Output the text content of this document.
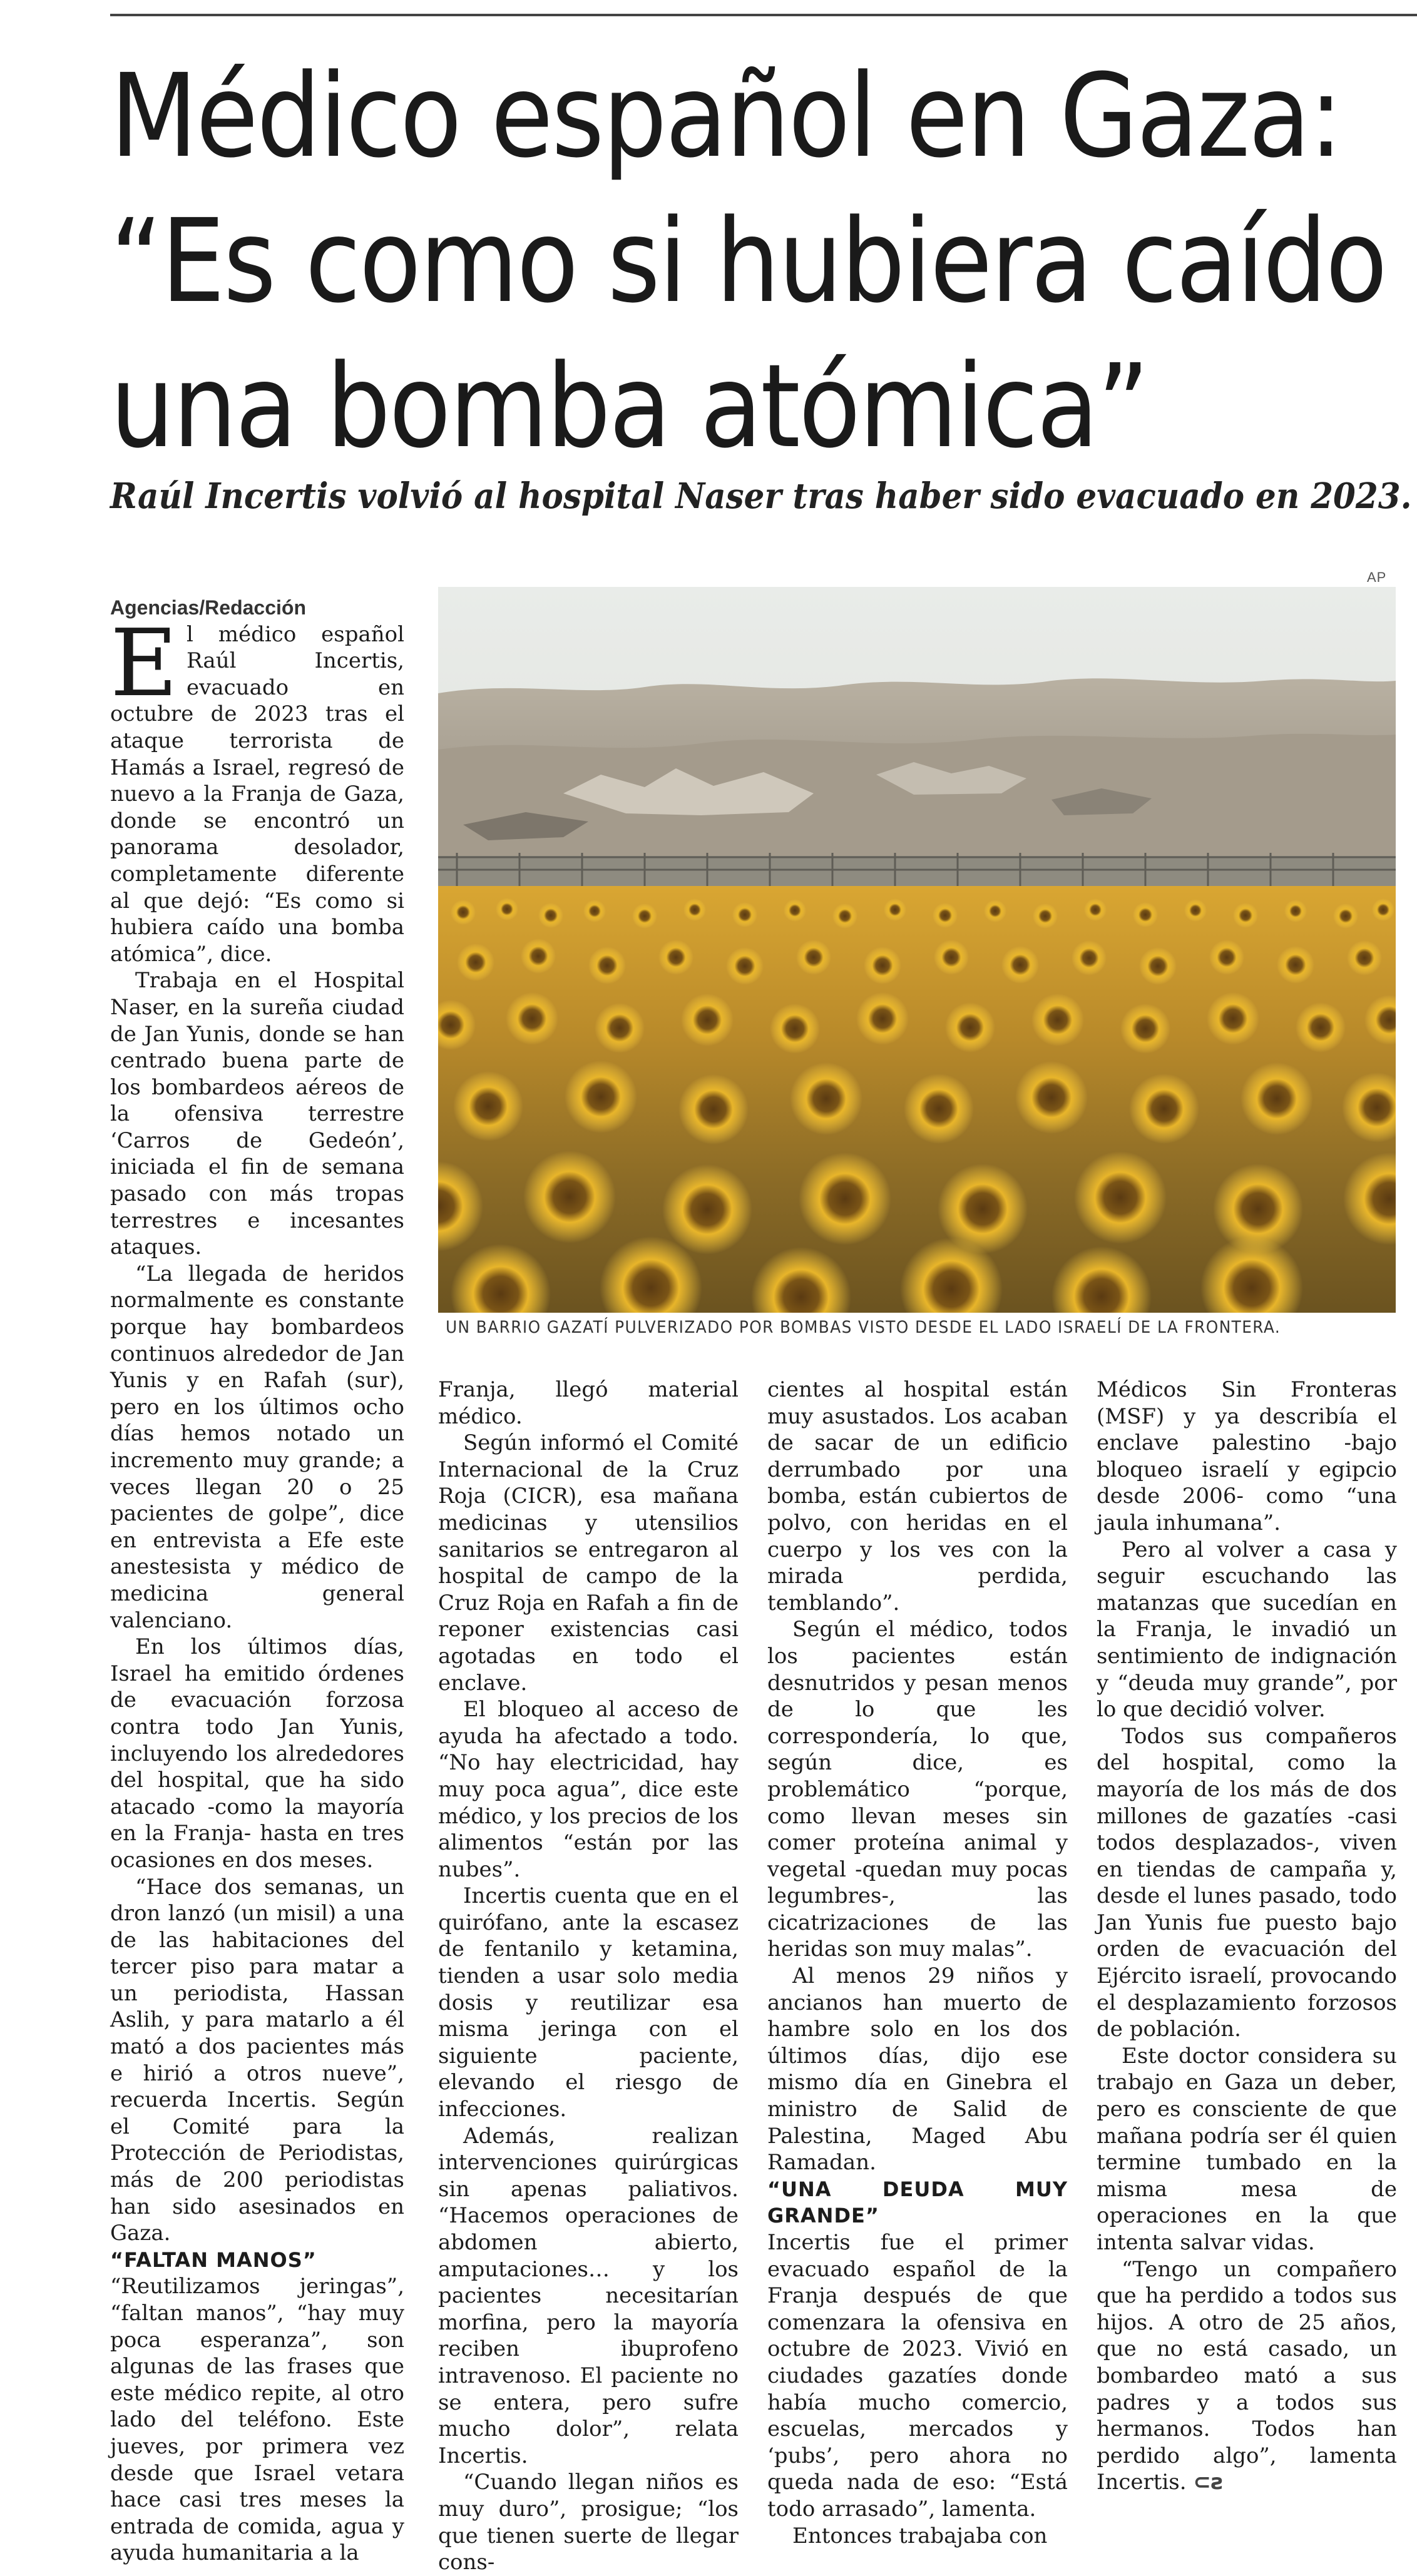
Médico español en Gaza:
“Es como si hubiera caído
una bomba atómica”

Raúl Incertis volvió al hospital Naser tras haber sido evacuado en 2023.

AP
UN BARRIO GAZATÍ PULVERIZADO POR BOMBAS VISTO DESDE EL LADO ISRAELÍ DE LA FRONTERA.

Agencias/Redacción

El médico español Raúl Incertis, evacuado en octubre de 2023 tras el ataque terrorista de Hamás a Israel, regresó de nuevo a la Franja de Gaza, donde se encontró un panorama desolador, completamente diferente al que dejó: “Es como si hubiera caído una bomba atómica”, dice.

Trabaja en el Hospital Naser, en la sureña ciudad de Jan Yunis, donde se han centrado buena parte de los bombardeos aéreos de la ofensiva terrestre ‘Carros de Gedeón’, iniciada el fin de semana pasado con más tropas terrestres e incesantes ataques.

“La llegada de heridos normalmente es constante porque hay bombardeos continuos alrededor de Jan Yunis y en Rafah (sur), pero en los últimos ocho días hemos notado un incremento muy grande; a veces llegan 20 o 25 pacientes de golpe”, dice en entrevista a Efe este anestesista y médico de medicina general valenciano.

En los últimos días, Israel ha emitido órdenes de evacuación forzosa contra todo Jan Yunis, incluyendo los alrededores del hospital, que ha sido atacado -como la mayoría en la Franja- hasta en tres ocasiones en dos meses.

“Hace dos semanas, un dron lanzó (un misil) a una de las habitaciones del tercer piso para matar a un periodista, Hassan Aslih, y para matarlo a él mató a dos pacientes más e hirió a otros nueve”, recuerda Incertis. Según el Comité para la Protección de Periodistas, más de 200 periodistas han sido asesinados en Gaza.

“FALTAN MANOS”

“Reutilizamos jeringas”, “faltan manos”, “hay muy poca esperanza”, son algunas de las frases que este médico repite, al otro lado del teléfono. Este jueves, por primera vez desde que Israel vetara hace casi tres meses la entrada de comida, agua y ayuda humanitaria a la

Franja, llegó material médico.

Según informó el Comité Internacional de la Cruz Roja (CICR), esa mañana medicinas y utensilios sanitarios se entregaron al hospital de campo de la Cruz Roja en Rafah a fin de reponer existencias casi agotadas en todo el enclave.

El bloqueo al acceso de ayuda ha afectado a todo. “No hay electricidad, hay muy poca agua”, dice este médico, y los precios de los alimentos “están por las nubes”.

Incertis cuenta que en el quirófano, ante la escasez de fentanilo y ketamina, tienden a usar solo media dosis y reutilizar esa misma jeringa con el siguiente paciente, elevando el riesgo de infecciones.

Además, realizan intervenciones quirúrgicas sin apenas paliativos. “Hacemos operaciones de abdomen abierto, amputaciones… y los pacientes necesitarían morfina, pero la mayoría reciben ibuprofeno intravenoso. El paciente no se entera, pero sufre mucho dolor”, relata Incertis.

“Cuando llegan niños es muy duro”, prosigue; “los que tienen suerte de llegar cons-

cientes al hospital están muy asustados. Los acaban de sacar de un edificio derrumbado por una bomba, están cubiertos de polvo, con heridas en el cuerpo y los ves con la mirada perdida, temblando”.

Según el médico, todos los pacientes están desnutridos y pesan menos de lo que les correspondería, lo que, según dice, es problemático “porque, como llevan meses sin comer proteína animal y vegetal -quedan muy pocas legumbres-, las cicatrizaciones de las heridas son muy malas”.

Al menos 29 niños y ancianos han muerto de hambre solo en los dos últimos días, dijo ese mismo día en Ginebra el ministro de Salid de Palestina, Maged Abu Ramadan.

“UNA DEUDA MUY GRANDE”

Incertis fue el primer evacuado español de la Franja después de que comenzara la ofensiva en octubre de 2023. Vivió en ciudades gazatíes donde había mucho comercio, escuelas, mercados y ‘pubs’, pero ahora no queda nada de eso: “Está todo arrasado”, lamenta.

Entonces trabajaba con

Médicos Sin Fronteras (MSF) y ya describía el enclave palestino -bajo bloqueo israelí y egipcio desde 2006- como “una jaula inhumana”.

Pero al volver a casa y seguir escuchando las matanzas que sucedían en la Franja, le invadió un sentimiento de indignación y “deuda muy grande”, por lo que decidió volver.

Todos sus compañeros del hospital, como la mayoría de los más de dos millones de gazatíes -casi todos desplazados-, viven en tiendas de campaña y, desde el lunes pasado, todo Jan Yunis fue puesto bajo orden de evacuación del Ejército israelí, provocando el desplazamiento forzosos de población.

Este doctor considera su trabajo en Gaza un deber, pero es consciente de que mañana podría ser él quien termine tumbado en la misma mesa de operaciones en la que intenta salvar vidas.

“Tengo un compañero que ha perdido a todos sus hijos. A otro de 25 años, que no está casado, un bombardeo mató a sus padres y a todos sus hermanos. Todos han perdido algo”, lamenta Incertis. ⊂ƨ
